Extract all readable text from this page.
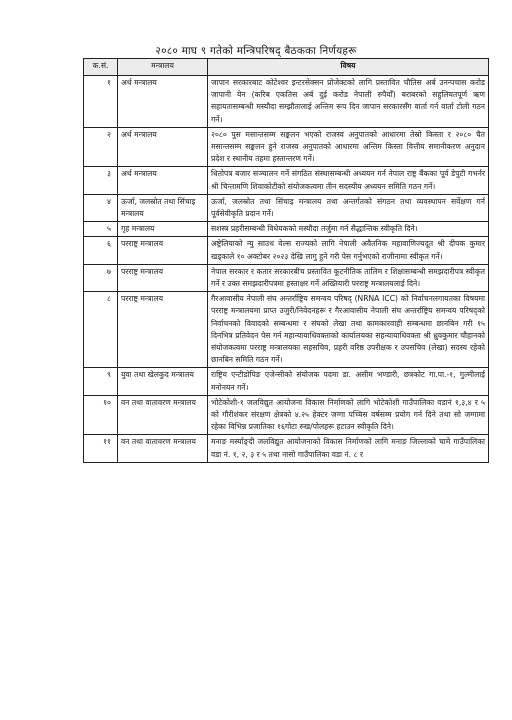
२०८० माघ ९ गतेको मन्त्रिपरिषद् बैठकका निर्णयहरू
क.सं.	मन्त्रालय	विषय
१	अर्थ मन्त्रालय	जापान सरकारबाट कोटेश्वर इन्टरसेक्सन प्रोजेक्टको लागि प्रस्तावित चौतिस अर्ब उनन्पचास करोड जापानी येन (करिब एकतिस अर्ब दुई करोड नेपाली रुपैयाँ) बराबरको सहुलियतपूर्ण ऋण सहायतासम्बन्धी मस्यौदा सम्झौतालाई अन्तिम रूप दिन जापान सरकारसँग वार्ता गर्न वार्ता टोली गठन गर्ने।
२	अर्थ मन्त्रालय	२०८० पुस मसान्तसम्म सङ्कलन भएको राजस्व अनुपातको आधारमा तेस्रो किस्ता र २०८० चैत मसान्तसम्म सङ्कलन हुने राजस्व अनुपातको आधारमा अन्तिम किस्ता वित्तीय समानीकरण अनुदान प्रदेश र स्थानीय तहमा हस्तान्तरण गर्ने।
३	अर्थ मन्त्रालय	धितोपत्र बजार सञ्चालन गर्ने संगठित संस्थासम्बन्धी अध्ययन गर्न नेपाल राष्ट्र बैंकका पूर्व डेपुटी गभर्नर श्री चिन्तामणि शिवाकोटीको संयोजकत्वमा तीन सदस्यीय अध्ययन समिति गठन गर्ने।
४	ऊर्जा, जलस्रोत तथा सिंचाइ मन्त्रालय	ऊर्जा, जलस्रोत तथा सिंचाइ मन्त्रालय तथा अन्तर्गतको संगठन तथा व्यवस्थापन सर्वेक्षण गर्न पूर्वसेवीकृति प्रदान गर्ने।
५	गृह मन्त्रालय	सशस्त्र प्रहरीसम्बन्धी विधेयकको मस्यौदा तर्जुमा गर्न सैद्धान्तिक स्वीकृति दिने।
६	परराष्ट्र मन्त्रालय	अष्ट्रेलियाको न्यु साउथ वेल्स राज्यको लागि नेपाली अवैतनिक महावाणिज्यदूत श्री दीपक कुमार खड्काले १० अक्टोबर २०२३ देखि लागु हुने गरी पेस गर्नुभएको राजीनामा स्वीकृत गर्ने।
७	परराष्ट्र मन्त्रालय	नेपाल सरकार र कतार सरकारबीच प्रस्तावित कूटनीतिक तालिम र शिक्षासम्बन्धी समझदारीपत्र स्वीकृत गर्ने र उक्त समझदारीपत्रमा हस्ताक्षर गर्ने अख्तियारी परराष्ट्र मन्त्रालयलाई दिने।
८	परराष्ट्र मन्त्रालय	गैरआवासीय नेपाली संघ अन्तर्राष्ट्रिय समन्वय परिषद् (NRNA ICC) को निर्वाचनलगायतका विषयमा परराष्ट्र मन्त्रालयमा प्राप्त उजुरी/निवेदनहरू र गैरआवासीय नेपाली संघ अन्तर्राष्ट्रिय समन्वय परिषद्को निर्वाचनको विवादको सम्बन्धमा र संघको लेखा तथा कामकारवाही सम्बन्धमा छानबिन गरी १५ दिनभित्र प्रतिवेदन पेस गर्न महान्यायाधिवक्ताको कार्यालयका सहन्यायाधिवक्ता श्री ध्रुवकुमार चौहानको संयोजकत्वमा परराष्ट्र मन्त्रालयका सहसचिव, प्रहरी वरिष्ठ उपरीक्षक र उपसचिव (लेखा) सदस्य रहेको छानबिन समिति गठन गर्ने।
९	युवा तथा खेलकुद मन्त्रालय	राष्ट्रिय एन्टीडोपिङ एजेन्सीको संयोजक पदमा डा. असीम भण्डारी, छत्रकोट गा.पा.-१, गुल्मीलाई मनोनयन गर्ने।
१०	वन तथा वातावरण मन्त्रालय	भोटेकोशी-१ जलविद्युत आयोजना विकास निर्माणको लागि भोटेकोशी गाउँपालिका वडानं १,३,४ र ५ को गौरीशंकर संरक्षण क्षेत्रको ४.२५ हेक्टर जग्गा पच्चिस वर्षसम्म प्रयोग गर्न दिने तथा सो जग्गामा रहेका विभिन्न प्रजातिका १६गोटा रुख/पोलहरू हटाउन स्वीकृति दिने।
११	वन तथा वातावरण मन्त्रालय	मनाङ मर्स्याङ्दी जलविद्युत आयोजनाको विकास निर्माणको लागि मनाङ जिल्लाको चामे गाउँपालिका वडा नं. १, २, ३ र ५ तथा नासो गाउँपालिका वडा नं. ८ र
